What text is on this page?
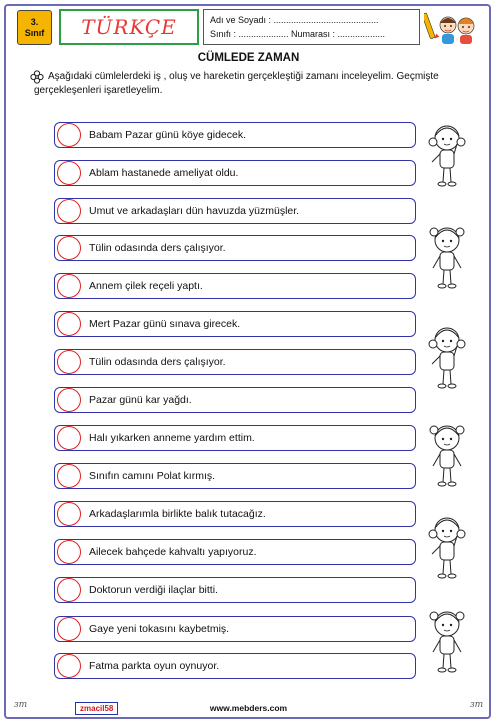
3.
Sınıf TÜRKÇE	Adı ve Soyadı : ..........................................
Sınıfı : .................... Numarası : ...................
CÜMLEDE ZAMAN
Aşağıdaki cümlelerdeki iş , oluş ve hareketin gerçekleştiği zamanı inceleyelim. Geçmişte gerçekleşenleri işaretleyelim.
Babam Pazar günü köye gidecek.
Ablam hastanede ameliyat oldu.
Umut ve arkadaşları dün havuzda yüzmüşler.
Tülin odasında ders çalışıyor.
Annem çilek reçeli yaptı.
Mert Pazar günü sınava girecek.
Tülin odasında ders çalışıyor.
Pazar günü kar yağdı.
Halı yıkarken anneme yardım ettim.
Sınıfın camını Polat kırmış.
Arkadaşlarımla birlikte balık tutacağız.
Ailecek bahçede kahvaltı yapıyoruz.
Doktorun verdiği ilaçlar bitti.
Gaye yeni tokasını kaybetmiş.
Fatma parkta oyun oynuyor.
ɜm	zmacil58	www.mebders.com	ɜm
